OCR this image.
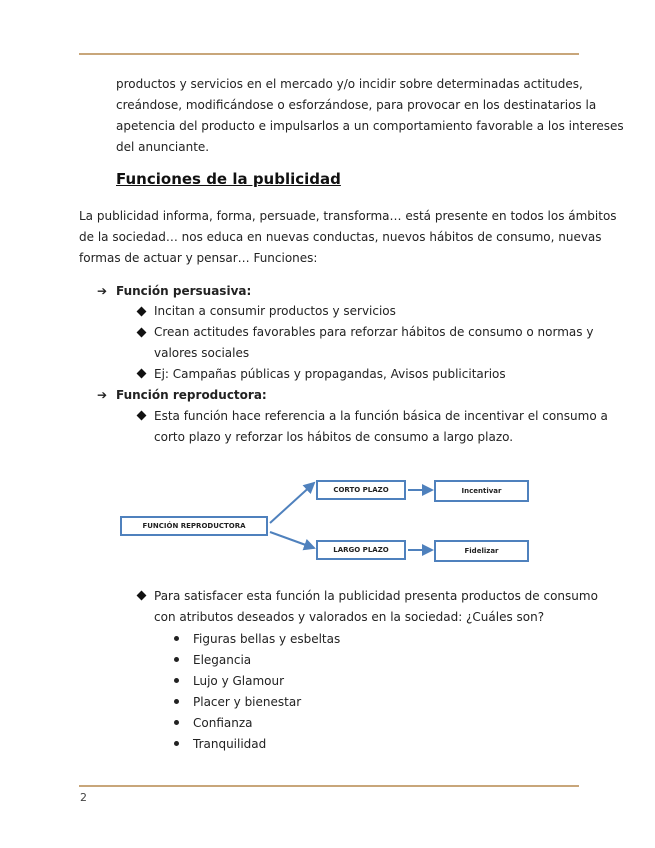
productos y servicios en el mercado y/o incidir sobre determinadas actitudes,
creándose, modificándose o esforzándose, para provocar en los destinatarios la
apetencia del producto e impulsarlos a un comportamiento favorable a los intereses
del anunciante.
Funciones de la publicidad
La publicidad informa, forma, persuade, transforma… está presente en todos los ámbitos
de la sociedad… nos educa en nuevas conductas, nuevos hábitos de consumo, nuevas
formas de actuar y pensar… Funciones:
➔ Función persuasiva:
Incitan a consumir productos y servicios
Crean actitudes favorables para reforzar hábitos de consumo o normas y
valores sociales
Ej: Campañas públicas y propagandas, Avisos publicitarios
➔ Función reproductora:
Esta función hace referencia a la función básica de incentivar el consumo a
corto plazo y reforzar los hábitos de consumo a largo plazo.
FUNCIÓN REPRODUCTORA
CORTO PLAZO
LARGO PLAZO
Incentivar
Fidelizar
Para satisfacer esta función la publicidad presenta productos de consumo
con atributos deseados y valorados en la sociedad: ¿Cuáles son?
Figuras bellas y esbeltas
Elegancia
Lujo y Glamour
Placer y bienestar
Confianza
Tranquilidad
2
